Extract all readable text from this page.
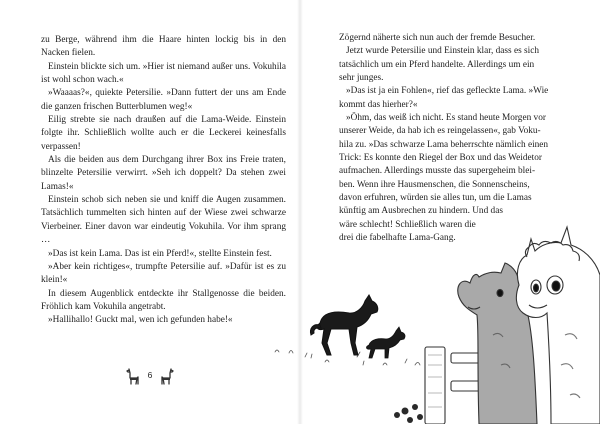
zu Berge, während ihm die Haare hinten lockig bis in den Nacken fielen.

Einstein blickte sich um. »Hier ist niemand außer uns. Vokuhila ist wohl schon wach.«

»Waaaas?«, quiekte Petersilie. »Dann futtert der uns am Ende die ganzen frischen Butterblumen weg!«

Eilig strebte sie nach draußen auf die Lama-Weide. Einstein folgte ihr. Schließlich wollte auch er die Leckerei keinesfalls verpassen!

Als die beiden aus dem Durchgang ihrer Box ins Freie traten, blinzelte Petersilie verwirrt. »Seh ich doppelt? Da stehen zwei Lamas!«

Einstein schob sich neben sie und kniff die Augen zusammen. Tatsächlich tummelten sich hinten auf der Wiese zwei schwarze Vierbeiner. Einer davon war eindeutig Vokuhila. Vor ihm sprang …

»Das ist kein Lama. Das ist ein Pferd!«, stellte Einstein fest.

»Aber kein richtiges«, trumpfte Petersilie auf. »Dafür ist es zu klein!«

In diesem Augenblick entdeckte ihr Stallgenosse die beiden. Fröhlich kam Vokuhila angetrabt.

»Hallihallo! Guckt mal, wen ich gefunden habe!«

6

Zögernd näherte sich nun auch der fremde Besucher.

Jetzt wurde Petersilie und Einstein klar, dass es sich
tatsächlich um ein Pferd handelte. Allerdings um ein
sehr junges.

»Das ist ja ein Fohlen«, rief das gefleckte Lama. »Wie
kommt das hierher?«

»Öhm, das weiß ich nicht. Es stand heute Morgen vor
unserer Weide, da hab ich es reingelassen«, gab Voku-
hila zu. »Das schwarze Lama beherrschte nämlich einen
Trick: Es konnte den Riegel der Box und das Weidetor
aufmachen. Allerdings musste das supergeheim blei-
ben. Wenn ihre Hausmenschen, die Sonnenscheins,
davon erfuhren, würden sie alles tun, um die Lamas
künftig am Ausbrechen zu hindern. Und das
wäre schlecht! Schließlich waren die
drei die fabelhafte Lama-Gang.
